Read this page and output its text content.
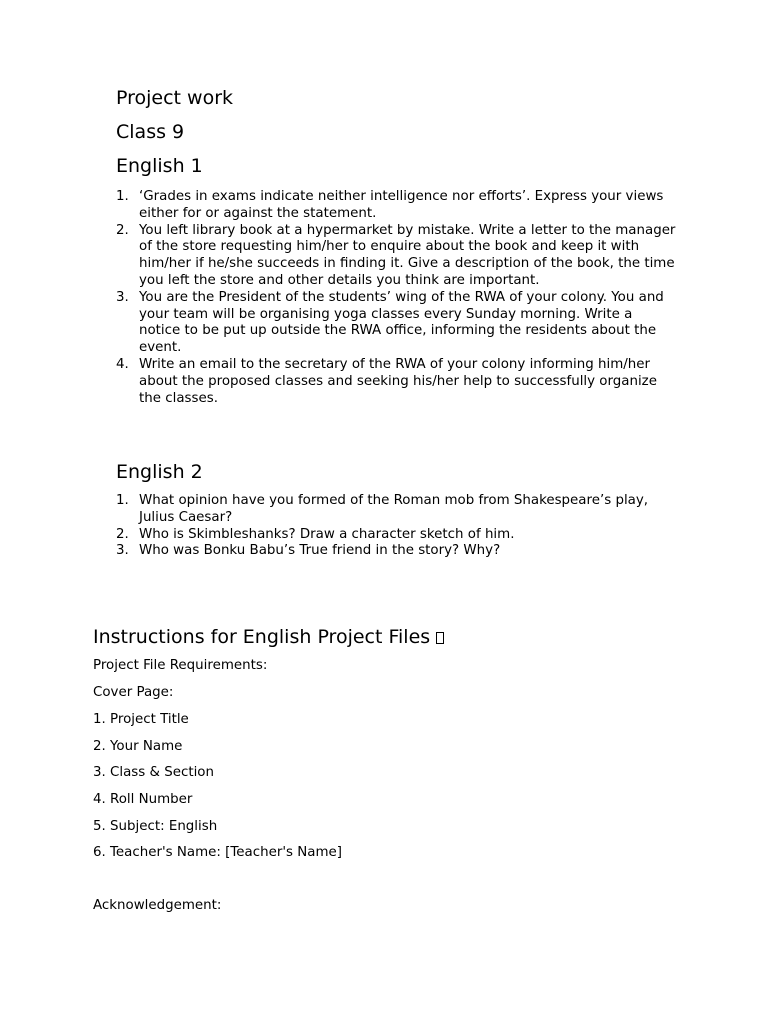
Project work

Class 9

English 1

1. ‘Grades in exams indicate neither intelligence nor efforts’. Express your views either for or against the statement.
2. You left library book at a hypermarket by mistake. Write a letter to the manager of the store requesting him/her to enquire about the book and keep it with him/her if he/she succeeds in finding it. Give a description of the book, the time you left the store and other details you think are important.
3. You are the President of the students’ wing of the RWA of your colony. You and your team will be organising yoga classes every Sunday morning. Write a notice to be put up outside the RWA office, informing the residents about the event.
4. Write an email to the secretary of the RWA of your colony informing him/her about the proposed classes and seeking his/her help to successfully organize the classes.

English 2

1. What opinion have you formed of the Roman mob from Shakespeare’s play, Julius Caesar?
2. Who is Skimbleshanks? Draw a character sketch of him.
3. Who was Bonku Babu’s True friend in the story? Why?

Instructions for English Project Files

Project File Requirements:
Cover Page:
1. Project Title
2. Your Name
3. Class & Section
4. Roll Number
5. Subject: English
6. Teacher's Name: [Teacher's Name]
Acknowledgement:
